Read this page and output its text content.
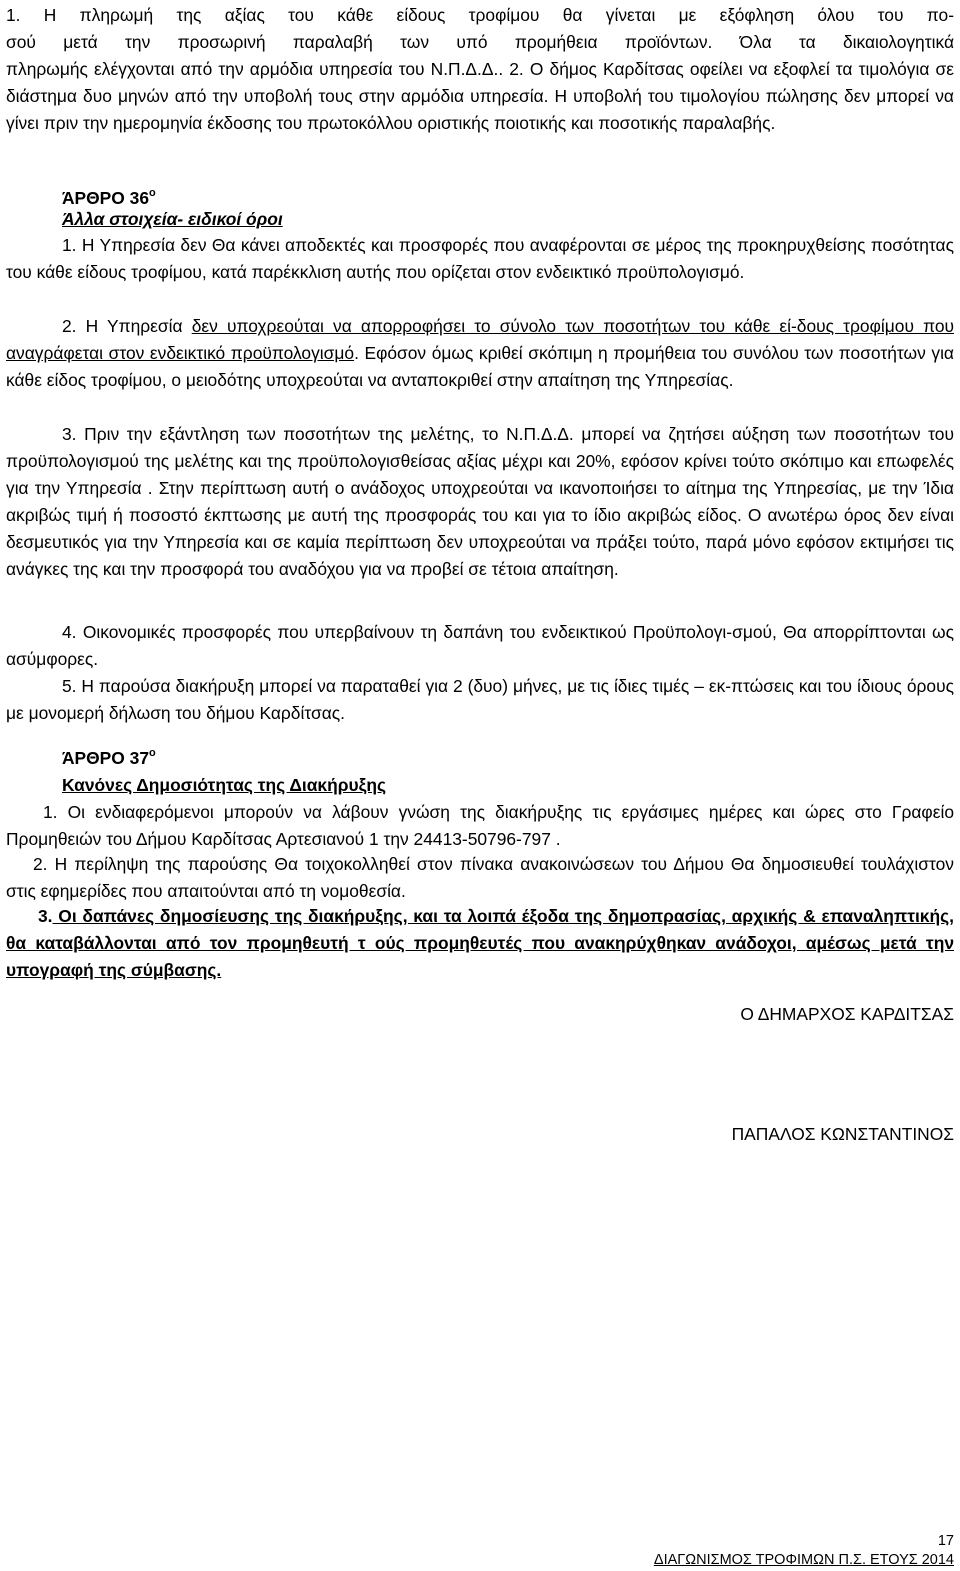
1. Η πληρωμή της αξίας του κάθε είδους τροφίμου θα γίνεται με εξόφληση όλου του πο-
σού μετά την προσωρινή παραλαβή των υπό προμήθεια προϊόντων. Όλα τα δικαιολογητικά
πληρωμής ελέγχονται από την αρμόδια υπηρεσία του Ν.Π.Δ.Δ.. 2. Ο δήμος Καρδίτσας οφείλει να εξοφλεί τα τιμολόγια σε διάστημα δυο μηνών από την υποβολή τους στην αρμόδια υπηρεσία. Η υποβολή του τιμολογίου πώλησης δεν μπορεί να γίνει πριν την ημερομηνία έκδοσης του πρωτοκόλλου οριστικής ποιοτικής και ποσοτικής παραλαβής.
ΆΡΘΡΟ $36^o$
Άλλα στοιχεία- ειδικοί όροι
1. Η Υπηρεσία δεν Θα κάνει αποδεκτές και προσφορές που αναφέρονται σε μέρος της προκηρυχθείσης ποσότητας του κάθε είδους τροφίμου, κατά παρέκκλιση αυτής που ορίζεται στον ενδεικτικό προϋπολογισμό.
2. Η Υπηρεσία δεν υποχρεούται να απορροφήσει το σύνολο των ποσοτήτων του κάθε εί-δους τροφίμου που αναγράφεται στον ενδεικτικό προϋπολογισμό. Εφόσον όμως κριθεί σκόπιμη η προμήθεια του συνόλου των ποσοτήτων για κάθε είδος τροφίμου, ο μειοδότης υποχρεούται να ανταποκριθεί στην απαίτηση της Υπηρεσίας.
3. Πριν την εξάντληση των ποσοτήτων της μελέτης, το Ν.Π.Δ.Δ. μπορεί να ζητήσει αύξηση των ποσοτήτων του προϋπολογισμού της μελέτης και της προϋπολογισθείσας αξίας μέχρι και 20%, εφόσον κρίνει τούτο σκόπιμο και επωφελές για την Υπηρεσία . Στην περίπτωση αυτή ο ανάδοχος υποχρεούται να ικανοποιήσει το αίτημα της Υπηρεσίας, με την Ίδια ακριβώς τιμή ή ποσοστό έκπτωσης με αυτή της προσφοράς του και για το ίδιο ακριβώς είδος. Ο ανωτέρω όρος δεν είναι δεσμευτικός για την Υπηρεσία και σε καμία περίπτωση δεν υποχρεούται να πράξει τούτο, παρά μόνο εφόσον εκτιμήσει τις ανάγκες της και την προσφορά του αναδόχου για να προβεί σε τέτοια απαίτηση.
4. Οικονομικές προσφορές που υπερβαίνουν τη δαπάνη του ενδεικτικού Προϋπολογι-σμού, Θα απορρίπτονται ως ασύμφορες.
5. Η παρούσα διακήρυξη μπορεί να παραταθεί για 2 (δυο) μήνες, με τις ίδιες τιμές – εκ-πτώσεις και του ίδιους όρους με μονομερή δήλωση του δήμου Καρδίτσας.
ΆΡΘΡΟ $37^o$
Κανόνες Δημοσιότητας της Διακήρυξης
1. Οι ενδιαφερόμενοι μπορούν να λάβουν γνώση της διακήρυξης τις εργάσιμες ημέρες και ώρες στο Γραφείο Προμηθειών του Δήμου Καρδίτσας Αρτεσιανού 1 την 24413-50796-797 .
2. Η περίληψη της παρούσης Θα τοιχοκολληθεί στον πίνακα ανακοινώσεων του Δήμου Θα δημοσιευθεί τουλάχιστον στις εφημερίδες που απαιτούνται από τη νομοθεσία.
3. Οι δαπάνες δημοσίευσης της διακήρυξης, και τα λοιπά έξοδα της δημοπρασίας, αρχικής & επαναληπτικής, θα καταβάλλονται από τον προμηθευτή τ ούς προμηθευτές που ανακηρύχθηκαν ανάδοχοι, αμέσως μετά την υπογραφή της σύμβασης.
Ο ΔΗΜΑΡΧΟΣ ΚΑΡΔΙΤΣΑΣ
ΠΑΠΑΛΟΣ ΚΩΝΣΤΑΝΤΙΝΟΣ
17
ΔΙΑΓΩΝΙΣΜΟΣ ΤΡΟΦΙΜΩΝ Π.Σ. ΕΤΟΥΣ 2014
